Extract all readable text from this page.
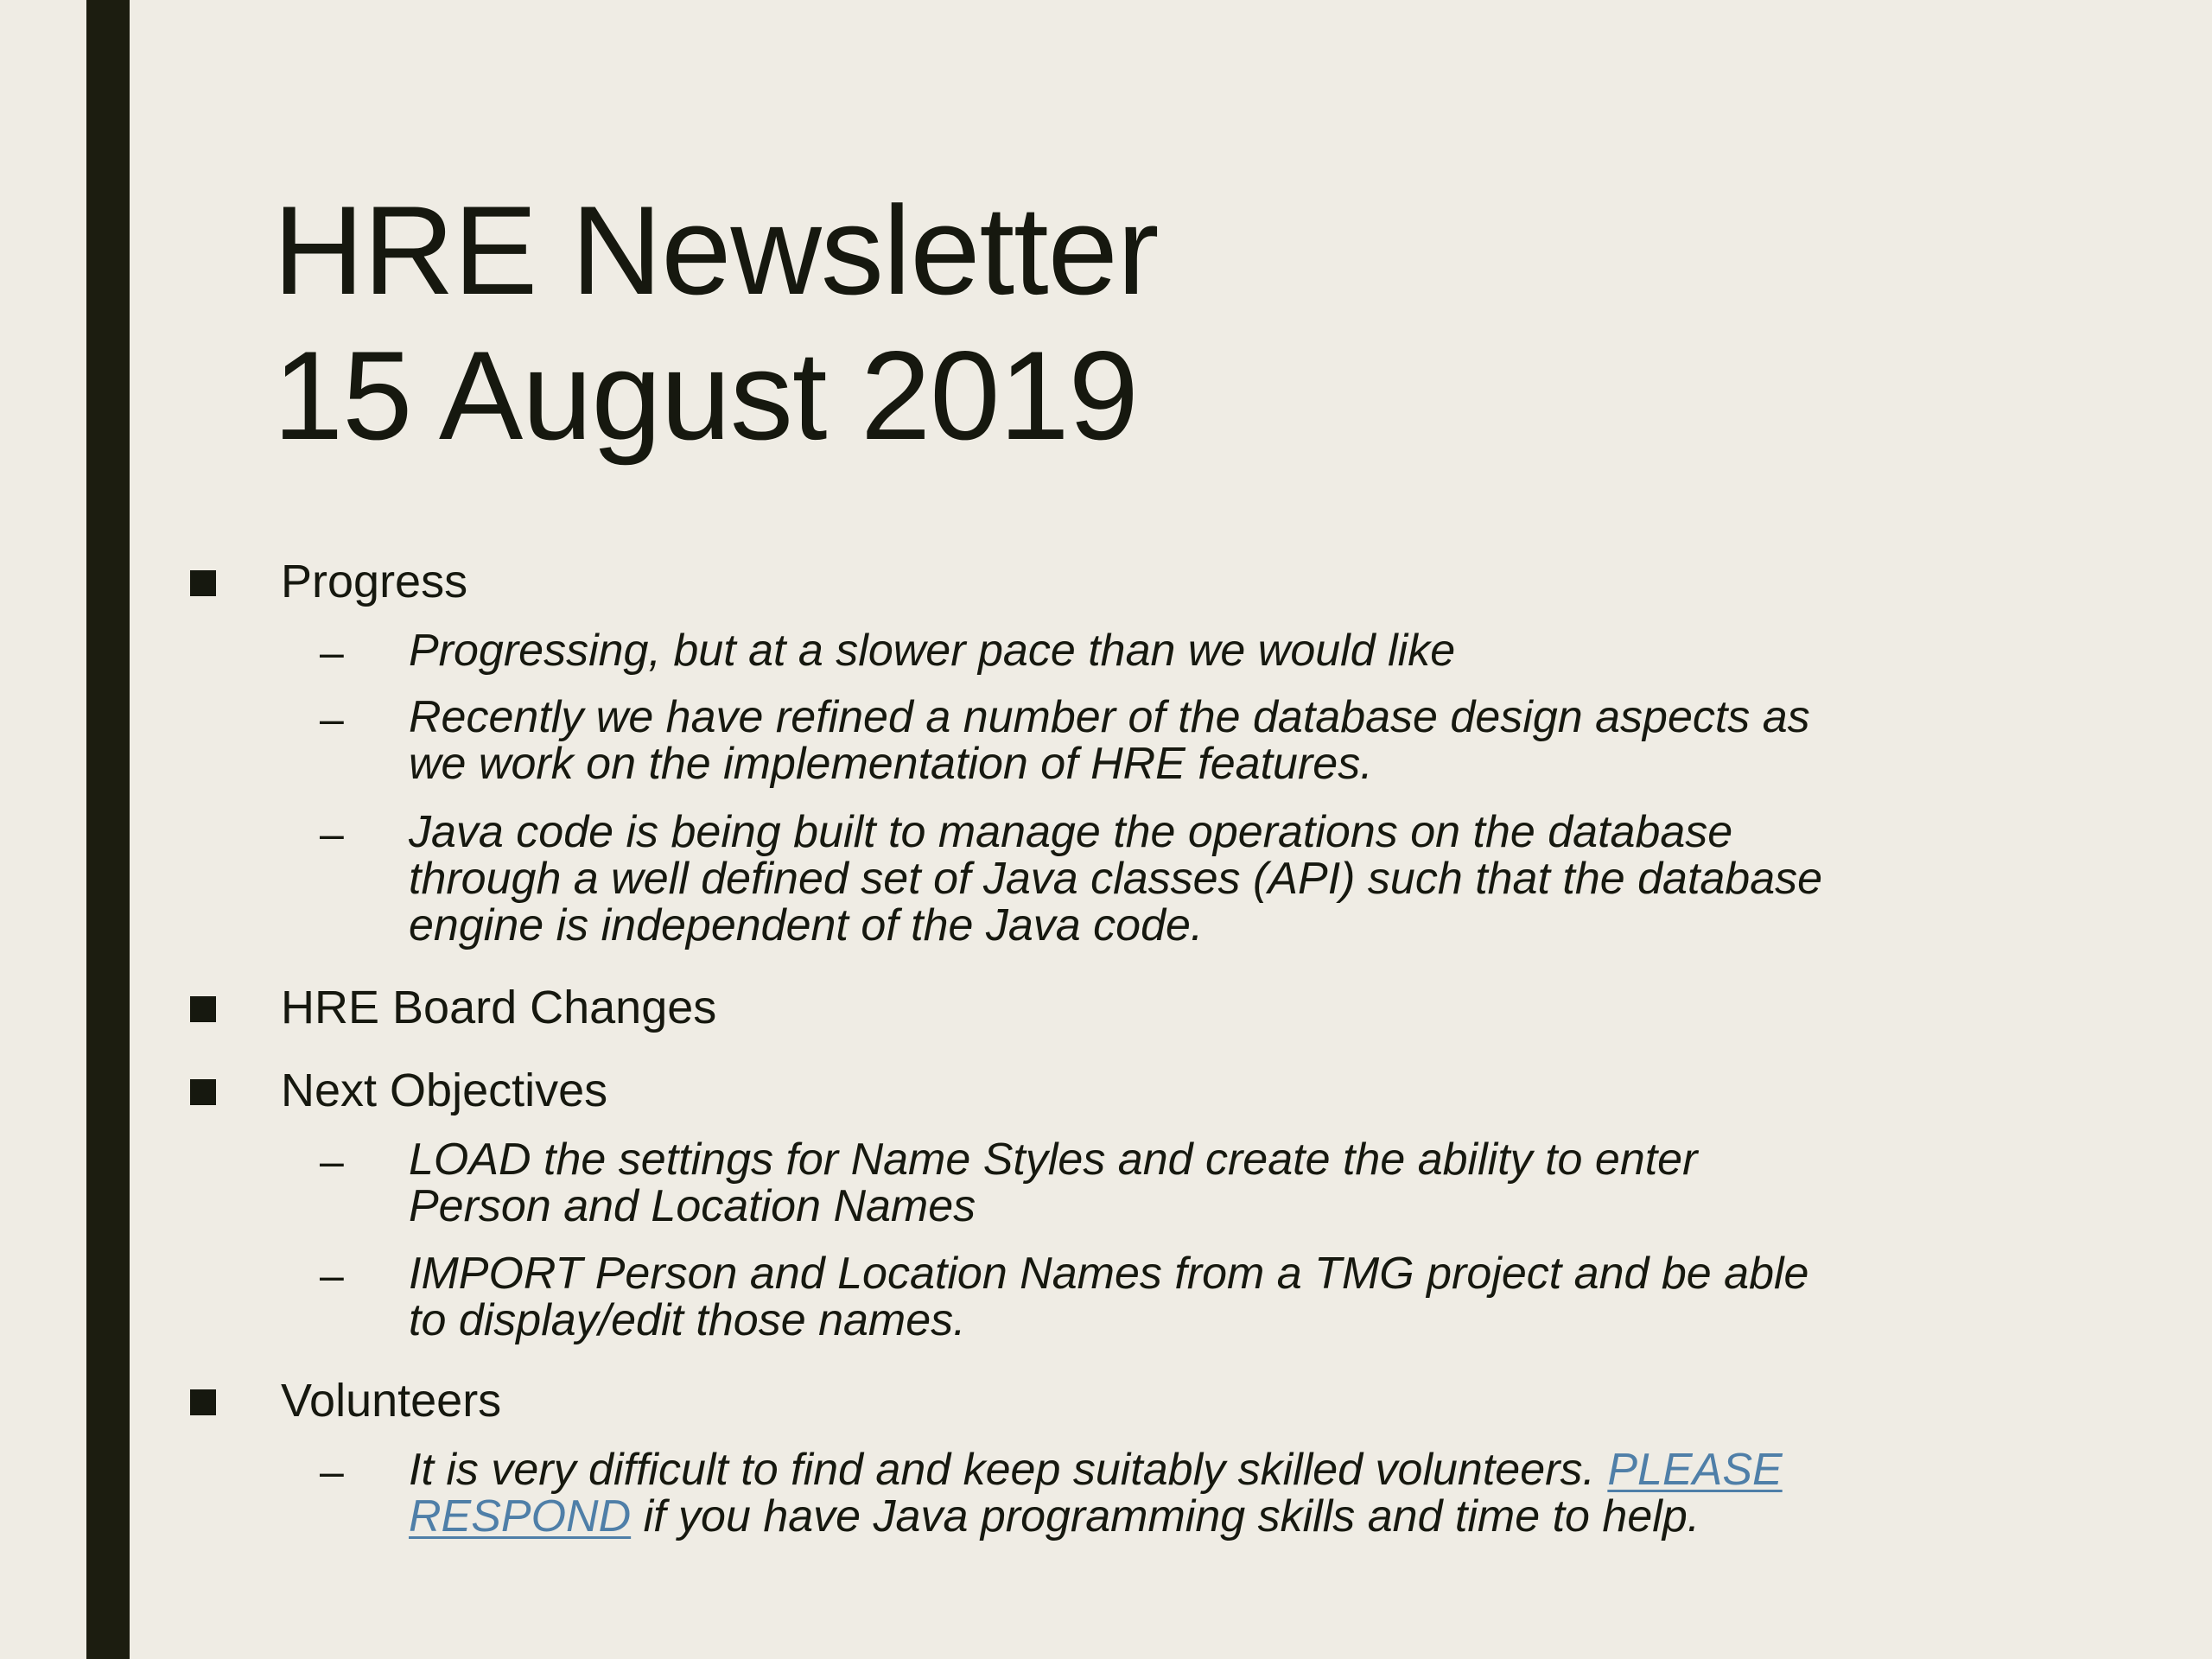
HRE Newsletter
15 August 2019
Progress
– Progressing, but at a slower pace than we would like
– Recently we have refined a number of the database design aspects as
we work on the implementation of HRE features.
– Java code is being built to manage the operations on the database
through a well defined set of Java classes (API) such that the database
engine is independent of the Java code.
HRE Board Changes
Next Objectives
– LOAD the settings for Name Styles and create the ability to enter
Person and Location Names
– IMPORT Person and Location Names from a TMG project and be able
to display/edit those names.
Volunteers
– It is very difficult to find and keep suitably skilled volunteers. PLEASE
RESPOND if you have Java programming skills and time to help.
